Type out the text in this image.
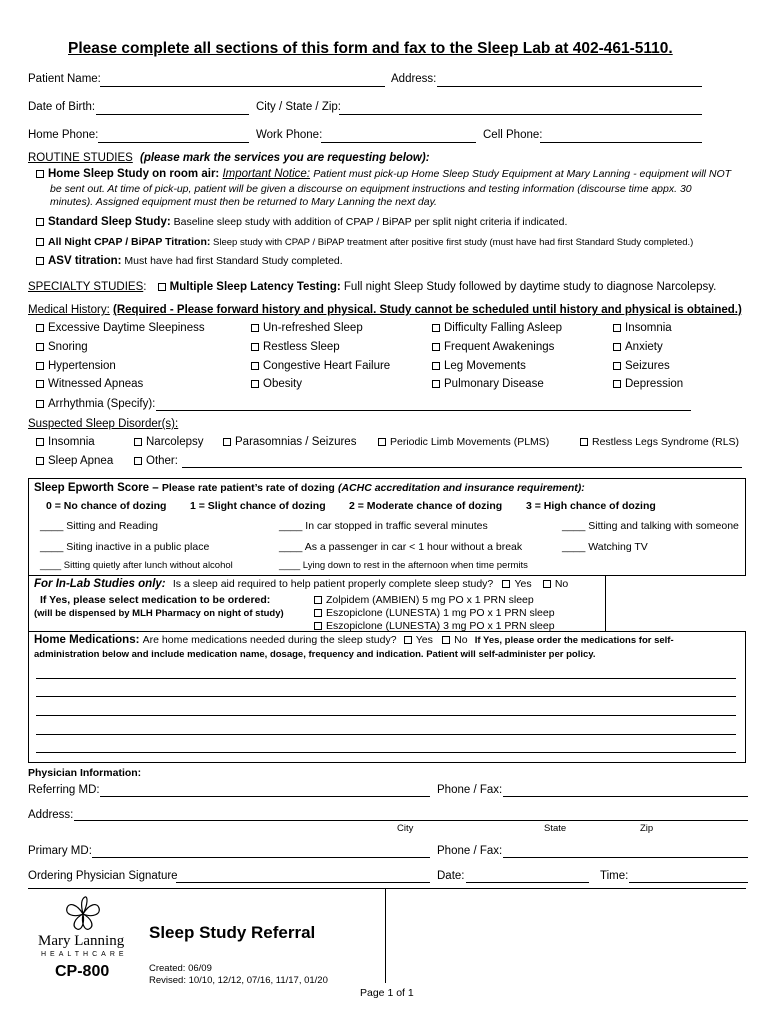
Please complete all sections of this form and fax to the Sleep Lab at 402-461-5110.
Patient Name:	Address:
Date of Birth:	City / State / Zip:
Home Phone:	Work Phone:	Cell Phone:
ROUTINE STUDIES (please mark the services you are requesting below):
Home Sleep Study on room air: Important Notice: Patient must pick-up Home Sleep Study Equipment at Mary Lanning - equipment will NOT
be sent out. At time of pick-up, patient will be given a discourse on equipment instructions and testing information (discourse time appx. 30
minutes). Assigned equipment must then be returned to Mary Lanning the next day.
Standard Sleep Study: Baseline sleep study with addition of CPAP / BiPAP per split night criteria if indicated.
All Night CPAP / BiPAP Titration: Sleep study with CPAP / BiPAP treatment after positive first study (must have had first Standard Study completed.)
ASV titration: Must have had first Standard Study completed.
SPECIALTY STUDIES: Multiple Sleep Latency Testing: Full night Sleep Study followed by daytime study to diagnose Narcolepsy.
Medical History: (Required - Please forward history and physical. Study cannot be scheduled until history and physical is obtained.)
Excessive Daytime Sleepiness	Un-refreshed Sleep	Difficulty Falling Asleep	Insomnia
Snoring	Restless Sleep	Frequent Awakenings	Anxiety
Hypertension	Congestive Heart Failure	Leg Movements	Seizures
Witnessed Apneas	Obesity	Pulmonary Disease	Depression
Arrhythmia (Specify):
Suspected Sleep Disorder(s):
Insomnia	Narcolepsy	Parasomnias / Seizures	Periodic Limb Movements (PLMS)	Restless Legs Syndrome (RLS)
Sleep Apnea	Other:
Sleep Epworth Score – Please rate patient’s rate of dozing (ACHC accreditation and insurance requirement):
0 = No chance of dozing 1 = Slight chance of dozing 2 = Moderate chance of dozing 3 = High chance of dozing
____ Sitting and Reading	____ In car stopped in traffic several minutes	____ Sitting and talking with someone
____ Siting inactive in a public place	____ As a passenger in car < 1 hour without a break	____ Watching TV
____ Sitting quietly after lunch without alcohol	____ Lying down to rest in the afternoon when time permits
For In-Lab Studies only: Is a sleep aid required to help patient properly complete sleep study? Yes No
If Yes, please select medication to be ordered:
(will be dispensed by MLH Pharmacy on night of study)
Zolpidem (AMBIEN) 5 mg PO x 1 PRN sleep
Eszopiclone (LUNESTA) 1 mg PO x 1 PRN sleep
Eszopiclone (LUNESTA) 3 mg PO x 1 PRN sleep
Home Medications: Are home medications needed during the sleep study? Yes No If Yes, please order the medications for self-
administration below and include medication name, dosage, frequency and indication. Patient will self-administer per policy.
Physician Information:
Referring MD:	Phone / Fax:
Address:
City	State	Zip
Primary MD:	Phone / Fax:
Ordering Physician Signature	Date:	Time:
Mary Lanning
HEALTHCARE
CP-800
Sleep Study Referral
Created: 06/09
Revised: 10/10, 12/12, 07/16, 11/17, 01/20
Page 1 of 1
